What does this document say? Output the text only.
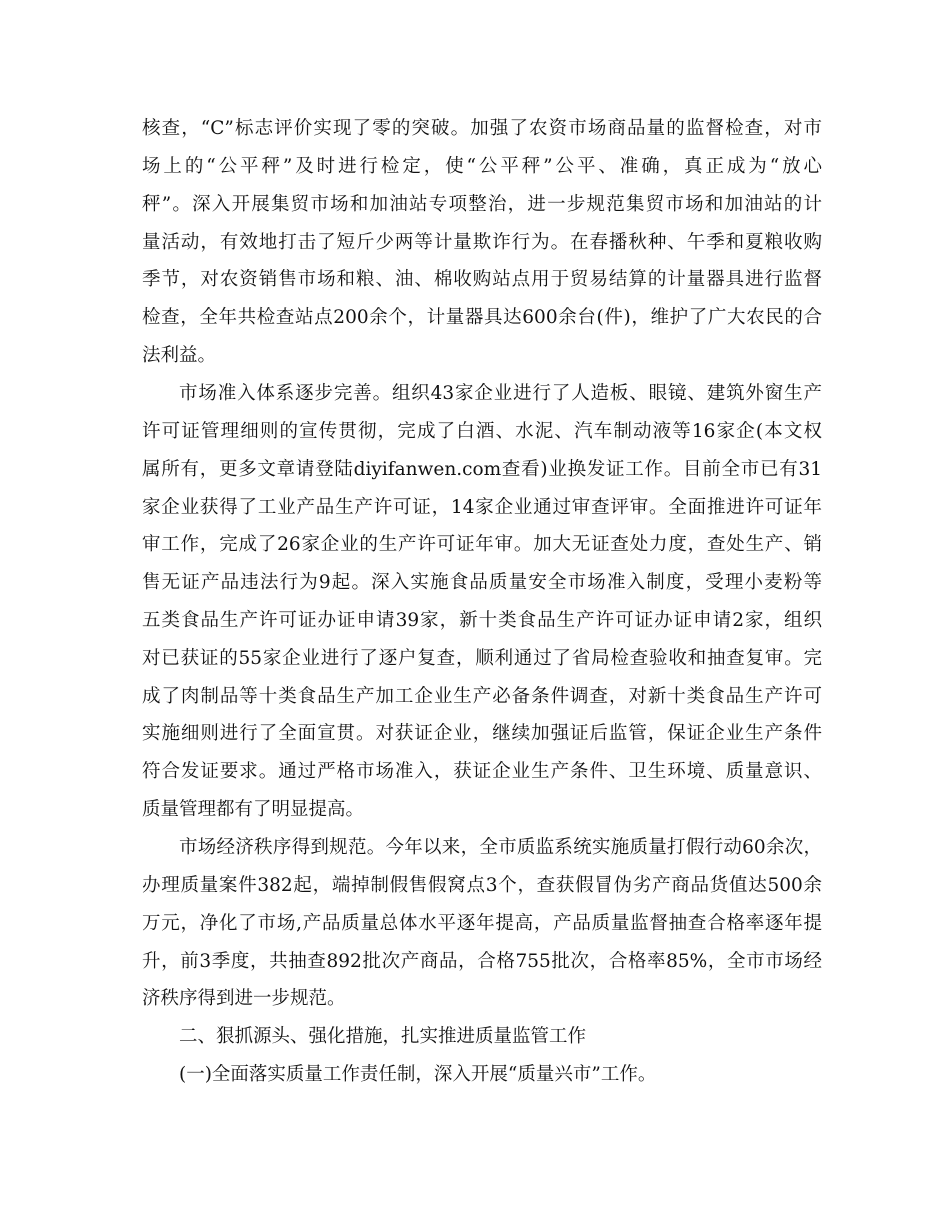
核查，“C”标志评价实现了零的突破。加强了农资市场商品量的监督检查，对市
场上的“公平秤”及时进行检定，使“公平秤”公平、准确，真正成为“放心
秤”。深入开展集贸市场和加油站专项整治，进一步规范集贸市场和加油站的计
量活动，有效地打击了短斤少两等计量欺诈行为。在春播秋种、午季和夏粮收购
季节，对农资销售市场和粮、油、棉收购站点用于贸易结算的计量器具进行监督
检查，全年共检查站点200余个，计量器具达600余台(件)，维护了广大农民的合
法利益。
市场准入体系逐步完善。组织43家企业进行了人造板、眼镜、建筑外窗生产
许可证管理细则的宣传贯彻，完成了白酒、水泥、汽车制动液等16家企(本文权
属所有，更多文章请登陆diyifanwen.com查看)业换发证工作。目前全市已有31
家企业获得了工业产品生产许可证，14家企业通过审查评审。全面推进许可证年
审工作，完成了26家企业的生产许可证年审。加大无证查处力度，查处生产、销
售无证产品违法行为9起。深入实施食品质量安全市场准入制度，受理小麦粉等
五类食品生产许可证办证申请39家，新十类食品生产许可证办证申请2家，组织
对已获证的55家企业进行了逐户复查，顺利通过了省局检查验收和抽查复审。完
成了肉制品等十类食品生产加工企业生产必备条件调查，对新十类食品生产许可
实施细则进行了全面宣贯。对获证企业，继续加强证后监管，保证企业生产条件
符合发证要求。通过严格市场准入，获证企业生产条件、卫生环境、质量意识、
质量管理都有了明显提高。
市场经济秩序得到规范。今年以来，全市质监系统实施质量打假行动60余次，
办理质量案件382起，端掉制假售假窝点3个，查获假冒伪劣产商品货值达500余
万元，净化了市场,产品质量总体水平逐年提高，产品质量监督抽查合格率逐年提
升，前3季度，共抽查892批次产商品，合格755批次，合格率85%，全市市场经
济秩序得到进一步规范。
二、狠抓源头、强化措施，扎实推进质量监管工作
(一)全面落实质量工作责任制，深入开展“质量兴市”工作。
